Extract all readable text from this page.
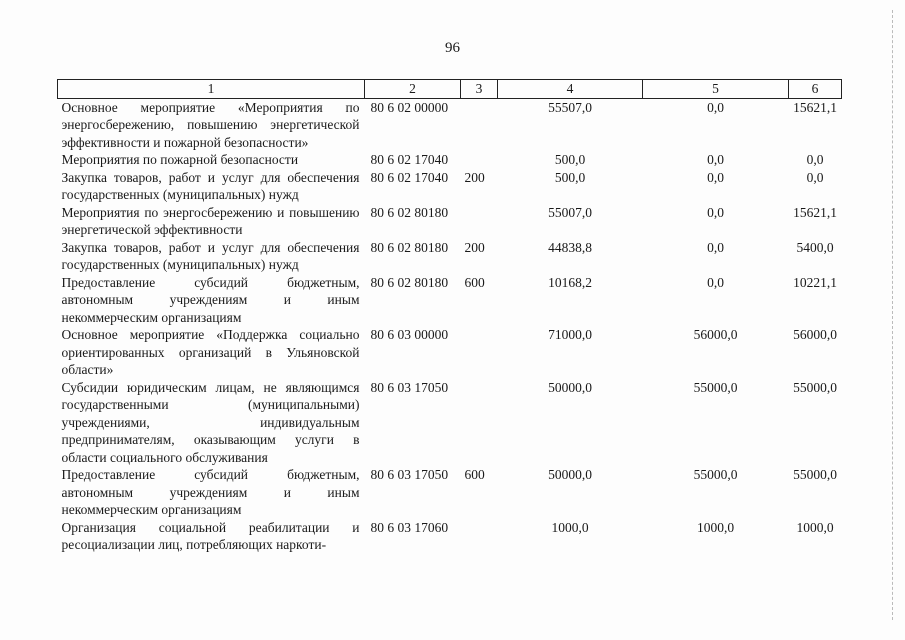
96
1	2	3	4	5	6
Основное мероприятие «Мероприятия по энергосбережению, повышению энергетической эффективности и пожарной безопасности»	80 6 02 00000		55507,0	0,0	15621,1
Мероприятия по пожарной безопасности	80 6 02 17040		500,0	0,0	0,0
Закупка товаров, работ и услуг для обеспечения государственных (муниципальных) нужд	80 6 02 17040	200	500,0	0,0	0,0
Мероприятия по энергосбережению и повышению энергетической эффективности	80 6 02 80180		55007,0	0,0	15621,1
Закупка товаров, работ и услуг для обеспечения государственных (муниципальных) нужд	80 6 02 80180	200	44838,8	0,0	5400,0
Предоставление субсидий бюджетным, автономным учреждениям и иным некоммерческим организациям	80 6 02 80180	600	10168,2	0,0	10221,1
Основное мероприятие «Поддержка социально ориентированных организаций в Ульяновской области»	80 6 03 00000		71000,0	56000,0	56000,0
Субсидии юридическим лицам, не являющимся государственными (муниципальными) учреждениями, индивидуальным предпринимателям, оказывающим услуги в области социального обслуживания	80 6 03 17050		50000,0	55000,0	55000,0
Предоставление субсидий бюджетным, автономным учреждениям и иным некоммерческим организациям	80 6 03 17050	600	50000,0	55000,0	55000,0
Организация социальной реабилитации и ресоциализации лиц, потребляющих наркоти-	80 6 03 17060		1000,0	1000,0	1000,0
